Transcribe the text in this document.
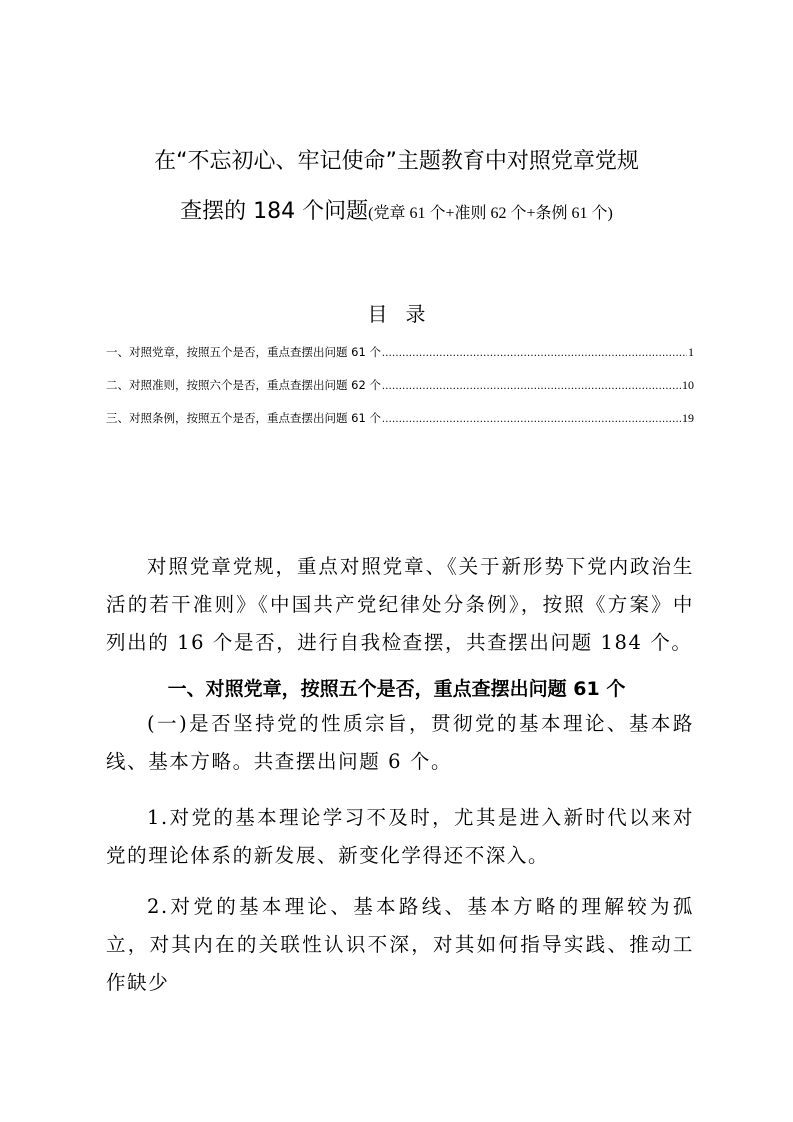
在“不忘初心、牢记使命”主题教育中对照党章党规
查摆的 184 个问题(党章 61 个+准则 62 个+条例 61 个)
目录
一、对照党章，按照五个是否，重点查摆出问题 61 个 .....	1
二、对照准则，按照六个是否，重点查摆出问题 62 个 .....	10
三、对照条例，按照五个是否，重点查摆出问题 61 个 .....	19

对照党章党规，重点对照党章、《关于新形势下党内政治生活的若干准则》《中国共产党纪律处分条例》，按照《方案》中列出的 16 个是否，进行自我检查摆，共查摆出问题 184 个。

一、对照党章，按照五个是否，重点查摆出问题 61 个

(一)是否坚持党的性质宗旨，贯彻党的基本理论、基本路线、基本方略。共查摆出问题 6 个。

1.对党的基本理论学习不及时，尤其是进入新时代以来对党的理论体系的新发展、新变化学得还不深入。

2.对党的基本理论、基本路线、基本方略的理解较为孤立，对其内在的关联性认识不深，对其如何指导实践、推动工作缺少
